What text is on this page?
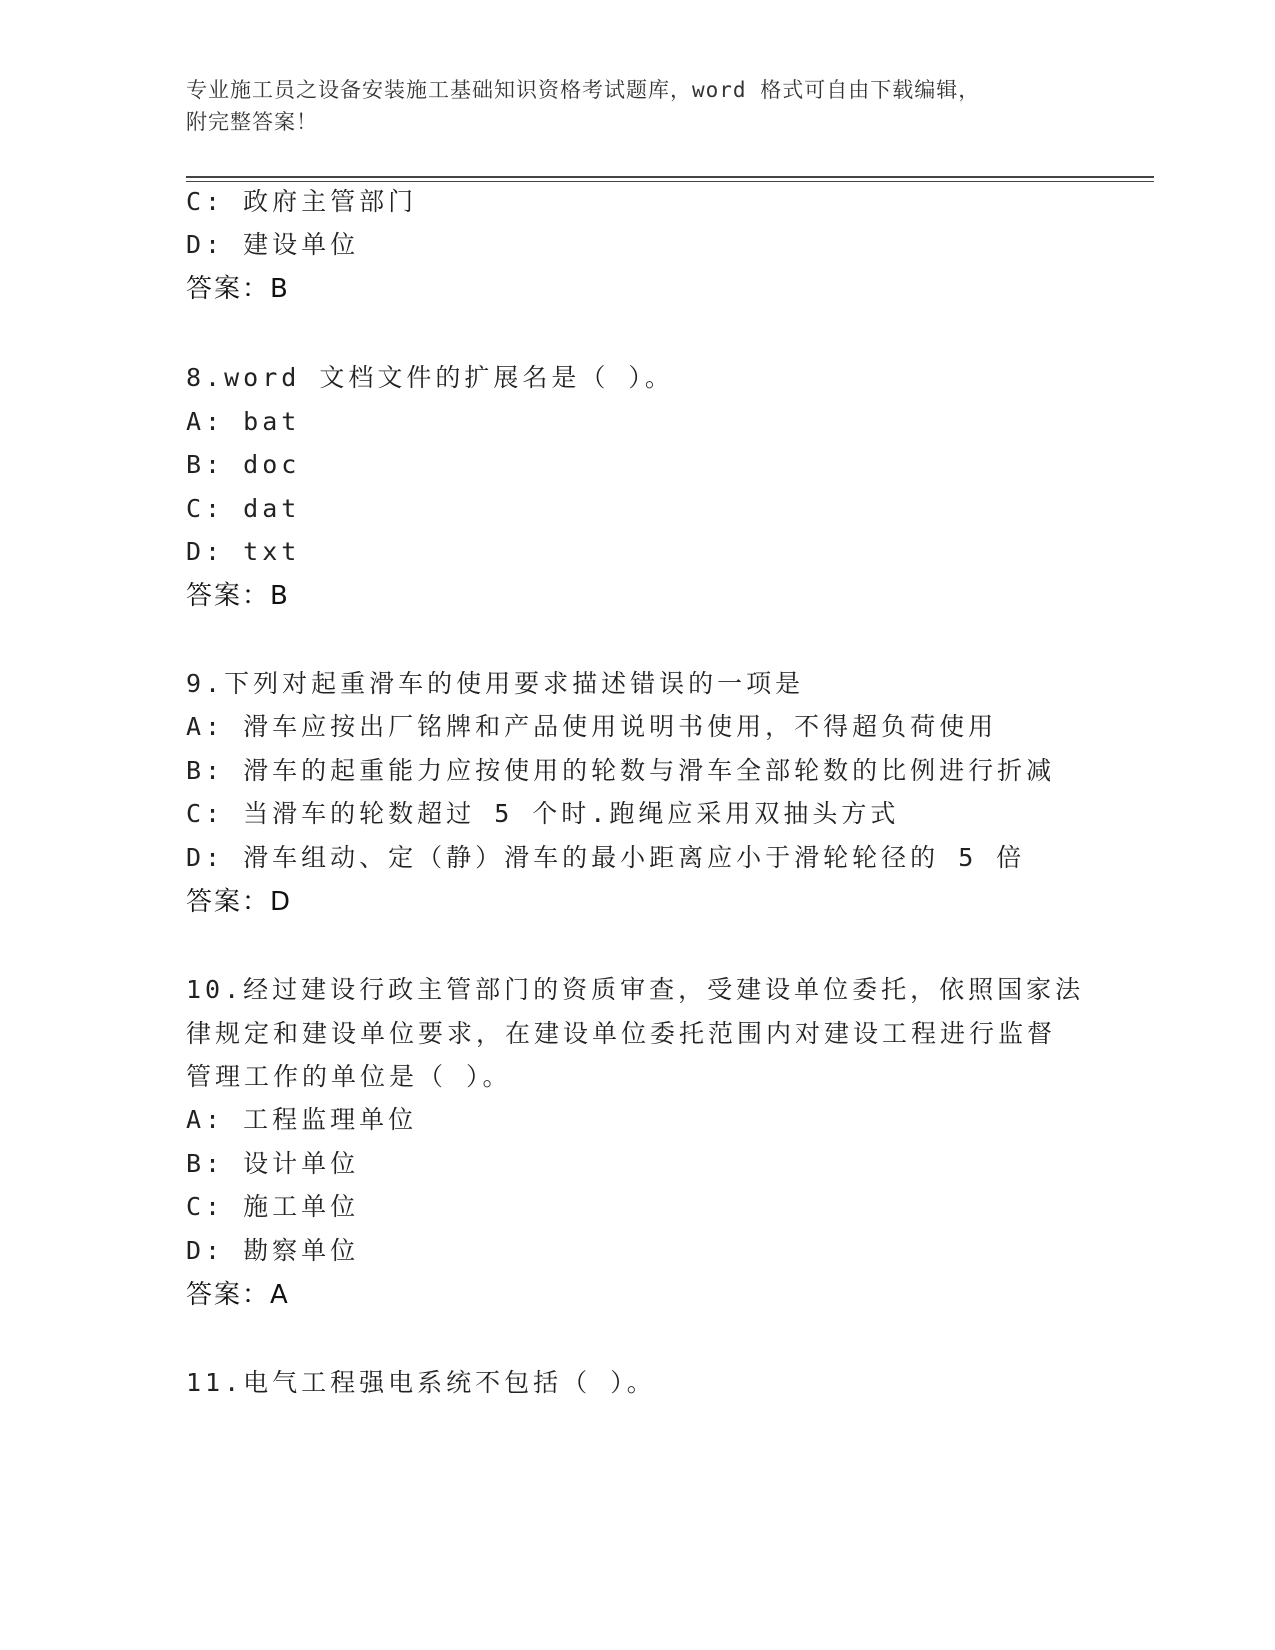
专业施工员之设备安装施工基础知识资格考试题库，word 格式可自由下载编辑，
附完整答案！
C: 政府主管部门
D: 建设单位
答案：B
8.word 文档文件的扩展名是（ ）。
A: bat
B: doc
C: dat
D: txt
答案：B
9.下列对起重滑车的使用要求描述错误的一项是
A: 滑车应按出厂铭牌和产品使用说明书使用，不得超负荷使用
B: 滑车的起重能力应按使用的轮数与滑车全部轮数的比例进行折减
C: 当滑车的轮数超过 5 个时.跑绳应采用双抽头方式
D: 滑车组动、定（静）滑车的最小距离应小于滑轮轮径的 5 倍
答案：D
10.经过建设行政主管部门的资质审查，受建设单位委托，依照国家法
律规定和建设单位要求，在建设单位委托范围内对建设工程进行监督
管理工作的单位是（ ）。
A: 工程监理单位
B: 设计单位
C: 施工单位
D: 勘察单位
答案：A
11.电气工程强电系统不包括（ ）。
